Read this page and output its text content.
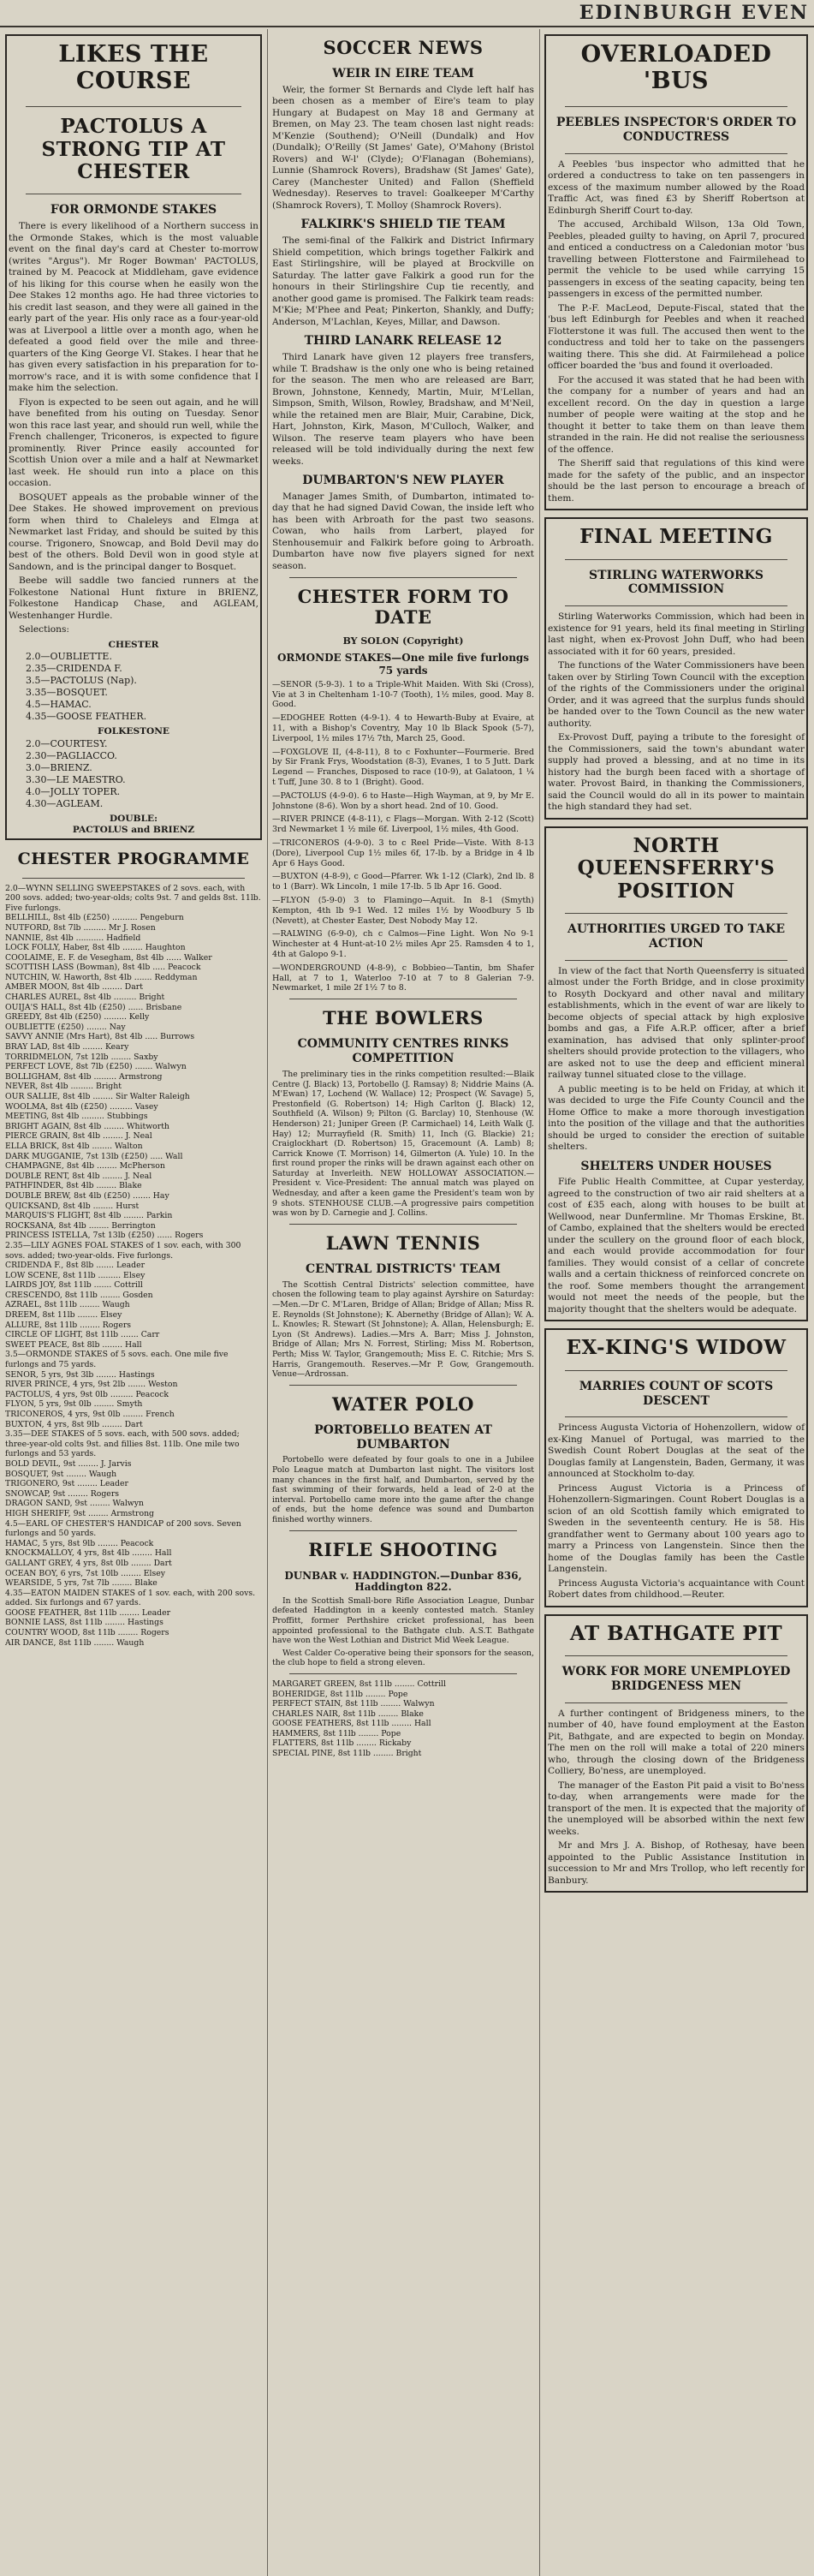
EDINBURGH EVEN
LIKES THE COURSE
PACTOLUS A STRONG TIP AT CHESTER
FOR ORMONDE STAKES

There is every likelihood of a Northern success in the Ormonde Stakes, which is the most valuable event on the final day's card at Chester to-morrow (writes "Argus"). Mr Roger Bowman' PACTOLUS, trained by M. Peacock at Middleham, gave evidence of his liking for this course when he easily won the Dee Stakes 12 months ago. He had three victories to his credit last season, and they were all gained in the early part of the year. His only race as a four-year-old was at Liverpool a little over a month ago, when he defeated a good field over the mile and three-quarters of the King George VI. Stakes. I hear that he has given every satisfaction in his preparation for to-morrow's race, and it is with some confidence that I make him the selection.

Flyon is expected to be seen out again, and he will have benefited from his outing on Tuesday. Senor won this race last year, and should run well, while the French challenger, Triconeros, is expected to figure prominently. River Prince easily accounted for Scottish Union over a mile and a half at Newmarket last week. He should run into a place on this occasion.

BOSQUET appeals as the probable winner of the Dee Stakes. He showed improvement on previous form when third to Chaleleys and Elmga at Newmarket last Friday, and should be suited by this course. Trigonero, Snowcap, and Bold Devil may do best of the others. Bold Devil won in good style at Sandown, and is the principal danger to Bosquet.

Beebe will saddle two fancied runners at the Folkestone National Hunt fixture in BRIENZ, Folkestone Handicap Chase, and AGLEAM, Westenhanger Hurdle.

Selections:

CHESTER
2.0—OUBLIETTE.
2.35—CRIDENDA F.
3.5—PACTOLUS (Nap).
3.35—BOSQUET.
4.5—HAMAC.
4.35—GOOSE FEATHER.
FOLKESTONE
2.0—COURTESY.
2.30—PAGLIACCO.
3.0—BRIENZ.
3.30—LE MAESTRO.
4.0—JOLLY TOPER.
4.30—AGLEAM.
DOUBLE:
PACTOLUS and BRIENZ
CHESTER PROGRAMME
2.0—WYNN SELLING SWEEPSTAKES of 2 sovs. each, with 200 sovs. added; two-year-olds; colts 9st. 7 and gelds 8st. 11lb. Five furlongs.
BELLHILL, 8st 4lb (£250) .......... Pengeburn
NUTFORD, 8st 7lb ......... Mr J. Rosen
NANNIE, 8st 4lb ........... Hadfield
LOCK FOLLY, Haber, 8st 4lb ........ Haughton
COOLAIME, E. F. de Vesegham, 8st 4lb ...... Walker
SCOTTISH LASS (Bowman), 8st 4lb ..... Peacock
NUTCHIN, W. Haworth, 8st 4lb ....... Reddyman
AMBER MOON, 8st 4lb ........ Dart
CHARLES AUREL, 8st 4lb ......... Bright
OUIJA'S HALL, 8st 4lb (£250) ...... Brisbane
GREEDY, 8st 4lb (£250) ......... Kelly
OUBLIETTE (£250) ........ Nay
SAVVY ANNIE (Mrs Hart), 8st 4lb ..... Burrows
BRAY LAD, 8st 4lb ........ Keary
TORRIDMELON, 7st 12lb ........ Saxby
PERFECT LOVE, 8st 7lb (£250) ....... Walwyn
BOLLIGHAM, 8st 4lb ......... Armstrong
NEVER, 8st 4lb ......... Bright
OUR SALLIE, 8st 4lb ........ Sir Walter Raleigh
WOOLMA, 8st 4lb (£250) ......... Vasey
MEETING, 8st 4lb ......... Stubbings
BRIGHT AGAIN, 8st 4lb ........ Whitworth
PIERCE GRAIN, 8st 4lb ........ J. Neal
ELLA BRICK, 8st 4lb ........ Walton
DARK MUGGANIE, 7st 13lb (£250) ..... Wall
CHAMPAGNE, 8st 4lb ........ McPherson
DOUBLE RENT, 8st 4lb ........ J. Neal
PATHFINDER, 8st 4lb ........ Blake
DOUBLE BREW, 8st 4lb (£250) ....... Hay
QUICKSAND, 8st 4lb ........ Hurst
MARQUIS'S FLIGHT, 8st 4lb ........ Parkin
ROCKSANA, 8st 4lb ........ Berrington
PRINCESS ISTELLA, 7st 13lb (£250) ...... Rogers
2.35—LILY AGNES FOAL STAKES of 1 sov. each, with 300 sovs. added; two-year-olds. Five furlongs.
CRIDENDA F., 8st 8lb ....... Leader
LOW SCENE, 8st 11lb ......... Elsey
LAIRDS JOY, 8st 11lb ....... Cottrill
CRESCENDO, 8st 11lb ........ Gosden
AZRAEL, 8st 11lb ........ Waugh
DREEM, 8st 11lb ........ Elsey
ALLURE, 8st 11lb ........ Rogers
CIRCLE OF LIGHT, 8st 11lb ....... Carr
SWEET PEACE, 8st 8lb ........ Hall
3.5—ORMONDE STAKES of 5 sovs. each. One mile five furlongs and 75 yards.
SENOR, 5 yrs, 9st 3lb ........ Hastings
RIVER PRINCE, 4 yrs, 9st 2lb ....... Weston
PACTOLUS, 4 yrs, 9st 0lb ......... Peacock
FLYON, 5 yrs, 9st 0lb ........ Smyth
TRICONEROS, 4 yrs, 9st 0lb ........ French
BUXTON, 4 yrs, 8st 9lb ........ Dart
3.35—DEE STAKES of 5 sovs. each, with 500 sovs. added; three-year-old colts 9st. and fillies 8st. 11lb. One mile two furlongs and 53 yards.
BOLD DEVIL, 9st ........ J. Jarvis
BOSQUET, 9st ........ Waugh
TRIGONERO, 9st ........ Leader
SNOWCAP, 9st ........ Rogers
DRAGON SAND, 9st ........ Walwyn
HIGH SHERIFF, 9st ........ Armstrong
4.5—EARL OF CHESTER'S HANDICAP of 200 sovs. Seven furlongs and 50 yards.
HAMAC, 5 yrs, 8st 9lb ........ Peacock
KNOCKMALLOY, 4 yrs, 8st 4lb ........ Hall
GALLANT GREY, 4 yrs, 8st 0lb ........ Dart
OCEAN BOY, 6 yrs, 7st 10lb ........ Elsey
WEARSIDE, 5 yrs, 7st 7lb ........ Blake
4.35—EATON MAIDEN STAKES of 1 sov. each, with 200 sovs. added. Six furlongs and 67 yards.
GOOSE FEATHER, 8st 11lb ........ Leader
BONNIE LASS, 8st 11lb ........ Hastings
COUNTRY WOOD, 8st 11lb ........ Rogers
AIR DANCE, 8st 11lb ........ Waugh
SOCCER NEWS
WEIR IN EIRE TEAM

Weir, the former St Bernards and Clyde left half has been chosen as a member of Eire's team to play Hungary at Budapest on May 18 and Germany at Bremen, on May 23. The team chosen last night reads: M'Kenzie (Southend); O'Neill (Dundalk) and Hov (Dundalk); O'Reilly (St James' Gate), O'Mahony (Bristol Rovers) and W-l' (Clyde); O'Flanagan (Bohemians), Lunnie (Shamrock Rovers), Bradshaw (St James' Gate), Carey (Manchester United) and Fallon (Sheffield Wednesday). Reserves to travel: Goalkeeper M'Carthy (Shamrock Rovers), T. Molloy (Shamrock Rovers).

FALKIRK'S SHIELD TIE TEAM

The semi-final of the Falkirk and District Infirmary Shield competition, which brings together Falkirk and East Stirlingshire, will be played at Brockville on Saturday. The latter gave Falkirk a good run for the honours in their Stirlingshire Cup tie recently, and another good game is promised. The Falkirk team reads: M'Kie; M'Phee and Peat; Pinkerton, Shankly, and Duffy; Anderson, M'Lachlan, Keyes, Millar, and Dawson.

THIRD LANARK RELEASE 12

Third Lanark have given 12 players free transfers, while T. Bradshaw is the only one who is being retained for the season. The men who are released are Barr, Brown, Johnstone, Kennedy, Martin, Muir, M'Lellan, Simpson, Smith, Wilson, Rowley, Bradshaw, and M'Neil, while the retained men are Blair, Muir, Carabine, Dick, Hart, Johnston, Kirk, Mason, M'Culloch, Walker, and Wilson. The reserve team players who have been released will be told individually during the next few weeks.

DUMBARTON'S NEW PLAYER

Manager James Smith, of Dumbarton, intimated to-day that he had signed David Cowan, the inside left who has been with Arbroath for the past two seasons. Cowan, who hails from Larbert, played for Stenhousemuir and Falkirk before going to Arbroath. Dumbarton have now five players signed for next season.

CHESTER FORM TO DATE
BY SOLON (Copyright)
ORMONDE STAKES—One mile five furlongs 75 yards
—SENOR (5-9-3). 1 to a Triple-Whit Maiden. With Ski (Cross), Vie at 3 in Cheltenham 1-10-7 (Tooth), 1½ miles, good. May 8. Good.
—EDOGHEE Rotten (4-9-1). 4 to Hewarth-Buby at Evaire, at 11, with a Bishop's Coventry, May 10 lb Black Spook (5-7), Liverpool, 1½ miles 17½ 7th, March 25, Good.
—FOXGLOVE II, (4-8-11), 8 to c Foxhunter—Fourmerie. Bred by Sir Frank Frys, Woodstation (8-3), Evanes, 1 to 5 Jutt. Dark Legend — Franches, Disposed to race (10-9), at Galatoon, 1 ¼ t Tuff, June 30. 8 to 1 (Bright). Good.
—PACTOLUS (4-9-0). 6 to Haste—High Wayman, at 9, by Mr E. Johnstone (8-6). Won by a short head. 2nd of 10. Good.
—RIVER PRINCE (4-8-11), c Flags—Morgan. With 2-12 (Scott) 3rd Newmarket 1 ½ mile 6f. Liverpool, 1½ miles, 4th Good.
—TRICONEROS (4-9-0). 3 to c Reel Pride—Viste. With 8-13 (Dore), Liverpool Cup 1½ miles 6f, 17-lb. by a Bridge in 4 lb Apr 6 Hays Good.
—BUXTON (4-8-9), c Good—Pfarrer. Wk 1-12 (Clark), 2nd lb. 8 to 1 (Barr). Wk Lincoln, 1 mile 17-lb. 5 lb Apr 16. Good.
—FLYON (5-9-0) 3 to Flamingo—Aquit. In 8-1 (Smyth) Kempton, 4th lb 9-1 Wed. 12 miles 1½ by Woodbury 5 lb (Nevett), at Chester Easter, Dest Nobody May 12.
—RALWING (6-9-0), ch c Calmos—Fine Light. Won No 9-1 Winchester at 4 Hunt-at-10 2½ miles Apr 25. Ramsden 4 to 1, 4th at Galopo 9-1.
—WONDERGROUND (4-8-9), c Bobbieo—Tantin, bm Shafer Hall, at 7 to 1, Waterloo 7-10 at 7 to 8 Galerian 7-9. Newmarket, 1 mile 2f 1½ 7 to 8.
THE BOWLERS
COMMUNITY CENTRES RINKS COMPETITION

The preliminary ties in the rinks competition resulted:—Blaik Centre (J. Black) 13, Portobello (J. Ramsay) 8; Niddrie Mains (A. M'Ewan) 17, Lochend (W. Wallace) 12; Prospect (W. Savage) 5, Prestonfield (G. Robertson) 14; High Carlton (J. Black) 12, Southfield (A. Wilson) 9; Pilton (G. Barclay) 10, Stenhouse (W. Henderson) 21; Juniper Green (P. Carmichael) 14, Leith Walk (J. Hay) 12; Murrayfield (R. Smith) 11, Inch (G. Blackie) 21; Craiglockhart (D. Robertson) 15, Gracemount (A. Lamb) 8; Carrick Knowe (T. Morrison) 14, Gilmerton (A. Yule) 10. In the first round proper the rinks will be drawn against each other on Saturday at Inverleith. NEW HOLLOWAY ASSOCIATION.—President v. Vice-President: The annual match was played on Wednesday, and after a keen game the President's team won by 9 shots. STENHOUSE CLUB.—A progressive pairs competition was won by D. Carnegie and J. Collins.

LAWN TENNIS
CENTRAL DISTRICTS' TEAM

The Scottish Central Districts' selection committee, have chosen the following team to play against Ayrshire on Saturday:—Men.—Dr C. M'Laren, Bridge of Allan; Bridge of Allan; Miss R. E. Reynolds (St Johnstone); K. Abernethy (Bridge of Allan); W. A. L. Knowles; R. Stewart (St Johnstone); A. Allan, Helensburgh; E. Lyon (St Andrews). Ladies.—Mrs A. Barr; Miss J. Johnston, Bridge of Allan; Mrs N. Forrest, Stirling; Miss M. Robertson, Perth; Miss W. Taylor, Grangemouth; Miss E. C. Ritchie; Mrs S. Harris, Grangemouth. Reserves.—Mr P. Gow, Grangemouth. Venue—Ardrossan.

WATER POLO
PORTOBELLO BEATEN AT DUMBARTON

Portobello were defeated by four goals to one in a Jubilee Polo League match at Dumbarton last night. The visitors lost many chances in the first half, and Dumbarton, served by the fast swimming of their forwards, held a lead of 2-0 at the interval. Portobello came more into the game after the change of ends, but the home defence was sound and Dumbarton finished worthy winners.

RIFLE SHOOTING
DUNBAR v. HADDINGTON.—Dunbar 836, Haddington 822.

In the Scottish Small-bore Rifle Association League, Dunbar defeated Haddington in a keenly contested match. Stanley Proffitt, former Perthshire cricket professional, has been appointed professional to the Bathgate club. A.S.T. Bathgate have won the West Lothian and District Mid Week League.

West Calder Co-operative being their sponsors for the season, the club hope to field a strong eleven.

MARGARET GREEN, 8st 11lb ........ Cottrill
BOHERIDGE, 8st 11lb ........ Pope
PERFECT STAIN, 8st 11lb ........ Walwyn
CHARLES NAIR, 8st 11lb ........ Blake
GOOSE FEATHERS, 8st 11lb ........ Hall
HAMMERS, 8st 11lb ........ Pope
FLATTERS, 8st 11lb ........ Rickaby
SPECIAL PINE, 8st 11lb ........ Bright
OVERLOADED 'BUS
PEEBLES INSPECTOR'S ORDER TO CONDUCTRESS

A Peebles 'bus inspector who admitted that he ordered a conductress to take on ten passengers in excess of the maximum number allowed by the Road Traffic Act, was fined £3 by Sheriff Robertson at Edinburgh Sheriff Court to-day.

The accused, Archibald Wilson, 13a Old Town, Peebles, pleaded guilty to having, on April 7, procured and enticed a conductress on a Caledonian motor 'bus travelling between Flotterstone and Fairmilehead to permit the vehicle to be used while carrying 15 passengers in excess of the seating capacity, being ten passengers in excess of the permitted number.

The P.-F. MacLeod, Depute-Fiscal, stated that the 'bus left Edinburgh for Peebles and when it reached Flotterstone it was full. The accused then went to the conductress and told her to take on the passengers waiting there. This she did. At Fairmilehead a police officer boarded the 'bus and found it overloaded.

For the accused it was stated that he had been with the company for a number of years and had an excellent record. On the day in question a large number of people were waiting at the stop and he thought it better to take them on than leave them stranded in the rain. He did not realise the seriousness of the offence.

The Sheriff said that regulations of this kind were made for the safety of the public, and an inspector should be the last person to encourage a breach of them.

FINAL MEETING
STIRLING WATERWORKS COMMISSION

Stirling Waterworks Commission, which had been in existence for 91 years, held its final meeting in Stirling last night, when ex-Provost John Duff, who had been associated with it for 60 years, presided.

The functions of the Water Commissioners have been taken over by Stirling Town Council with the exception of the rights of the Commissioners under the original Order, and it was agreed that the surplus funds should be handed over to the Town Council as the new water authority.

Ex-Provost Duff, paying a tribute to the foresight of the Commissioners, said the town's abundant water supply had proved a blessing, and at no time in its history had the burgh been faced with a shortage of water. Provost Baird, in thanking the Commissioners, said the Council would do all in its power to maintain the high standard they had set.

NORTH QUEENSFERRY'S POSITION
AUTHORITIES URGED TO TAKE ACTION

In view of the fact that North Queensferry is situated almost under the Forth Bridge, and in close proximity to Rosyth Dockyard and other naval and military establishments, which in the event of war are likely to become objects of special attack by high explosive bombs and gas, a Fife A.R.P. officer, after a brief examination, has advised that only splinter-proof shelters should provide protection to the villagers, who are asked not to use the deep and efficient mineral railway tunnel situated close to the village.

A public meeting is to be held on Friday, at which it was decided to urge the Fife County Council and the Home Office to make a more thorough investigation into the position of the village and that the authorities should be urged to consider the erection of suitable shelters.

SHELTERS UNDER HOUSES

Fife Public Health Committee, at Cupar yesterday, agreed to the construction of two air raid shelters at a cost of £35 each, along with houses to be built at Wellwood, near Dunfermline. Mr Thomas Erskine, Bt. of Cambo, explained that the shelters would be erected under the scullery on the ground floor of each block, and each would provide accommodation for four families. They would consist of a cellar of concrete walls and a certain thickness of reinforced concrete on the roof. Some members thought the arrangement would not meet the needs of the people, but the majority thought that the shelters would be adequate.

EX-KING'S WIDOW
MARRIES COUNT OF SCOTS DESCENT

Princess Augusta Victoria of Hohenzollern, widow of ex-King Manuel of Portugal, was married to the Swedish Count Robert Douglas at the seat of the Douglas family at Langenstein, Baden, Germany, it was announced at Stockholm to-day.

Princess August Victoria is a Princess of Hohenzollern-Sigmaringen. Count Robert Douglas is a scion of an old Scottish family which emigrated to Sweden in the seventeenth century. He is 58. His grandfather went to Germany about 100 years ago to marry a Princess von Langenstein. Since then the home of the Douglas family has been the Castle Langenstein.

Princess Augusta Victoria's acquaintance with Count Robert dates from childhood.—Reuter.

AT BATHGATE PIT
WORK FOR MORE UNEMPLOYED BRIDGENESS MEN

A further contingent of Bridgeness miners, to the number of 40, have found employment at the Easton Pit, Bathgate, and are expected to begin on Monday. The men on the roll will make a total of 220 miners who, through the closing down of the Bridgeness Colliery, Bo'ness, are unemployed.

The manager of the Easton Pit paid a visit to Bo'ness to-day, when arrangements were made for the transport of the men. It is expected that the majority of the unemployed will be absorbed within the next few weeks.

Mr and Mrs J. A. Bishop, of Rothesay, have been appointed to the Public Assistance Institution in succession to Mr and Mrs Trollop, who left recently for Banbury.
